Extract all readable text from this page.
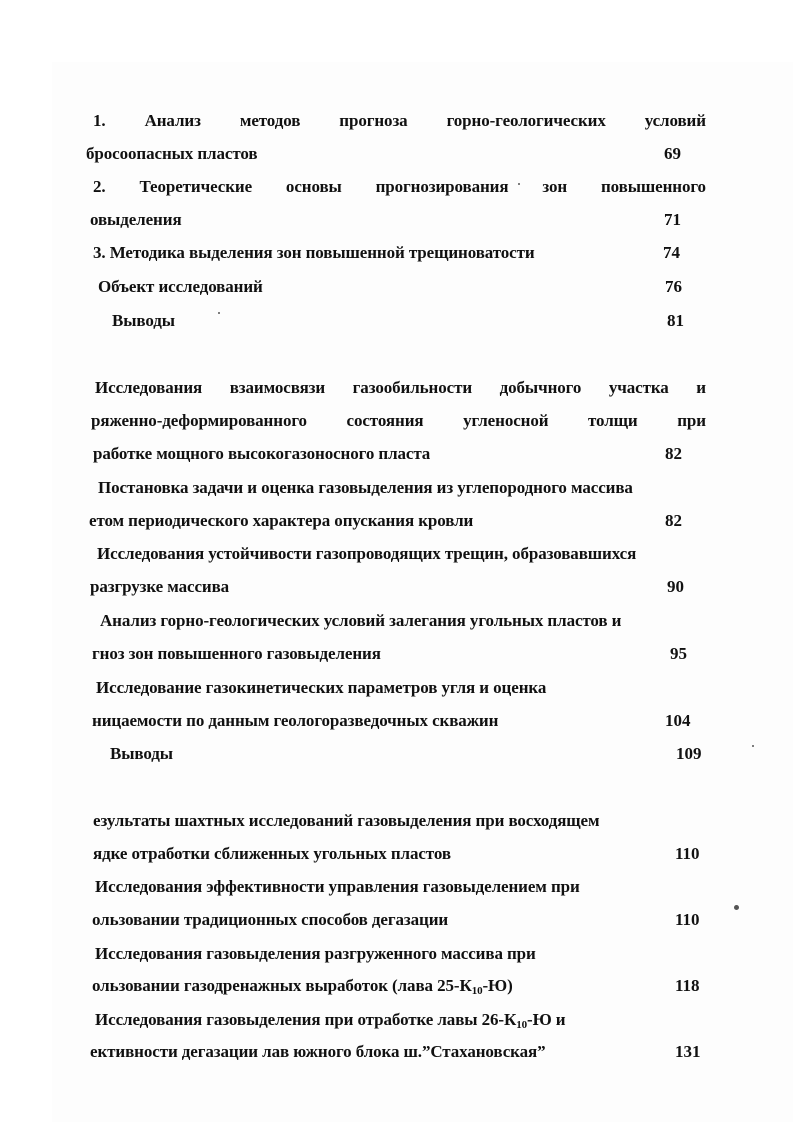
1. Анализ методов прогноза горно-геологических условий
бросоопасных пластов	69
2. Теоретические основы прогнозирования зон повышенного
овыделения	71
3. Методика выделения зон повышенной трещиноватости	74
Объект исследований	76
Выводы	81
Исследования взаимосвязи газообильности добычного участка и
ряженно-деформированного состояния угленосной толщи при
работке мощного высокогазоносного пласта	82
Постановка задачи и оценка газовыделения из углепородного массива
етом периодического характера опускания кровли	82
Исследования устойчивости газопроводящих трещин, образовавшихся
разгрузке массива	90
Анализ горно-геологических условий залегания угольных пластов и
гноз зон повышенного газовыделения	95
Исследование газокинетических параметров угля и оценка
ницаемости по данным геологоразведочных скважин	104
Выводы	109
езультаты шахтных исследований газовыделения при восходящем
ядке отработки сближенных угольных пластов	110
Исследования эффективности управления газовыделением при
ользовании традиционных способов дегазации	110
Исследования газовыделения разгруженного массива при
ользовании газодренажных выработок (лава $25-К_{10}-Ю$)	118
Исследования газовыделения при отработке лавы $26-К_{10}-Ю$ и
ективности дегазации лав южного блока ш.”Стахановская”	131
